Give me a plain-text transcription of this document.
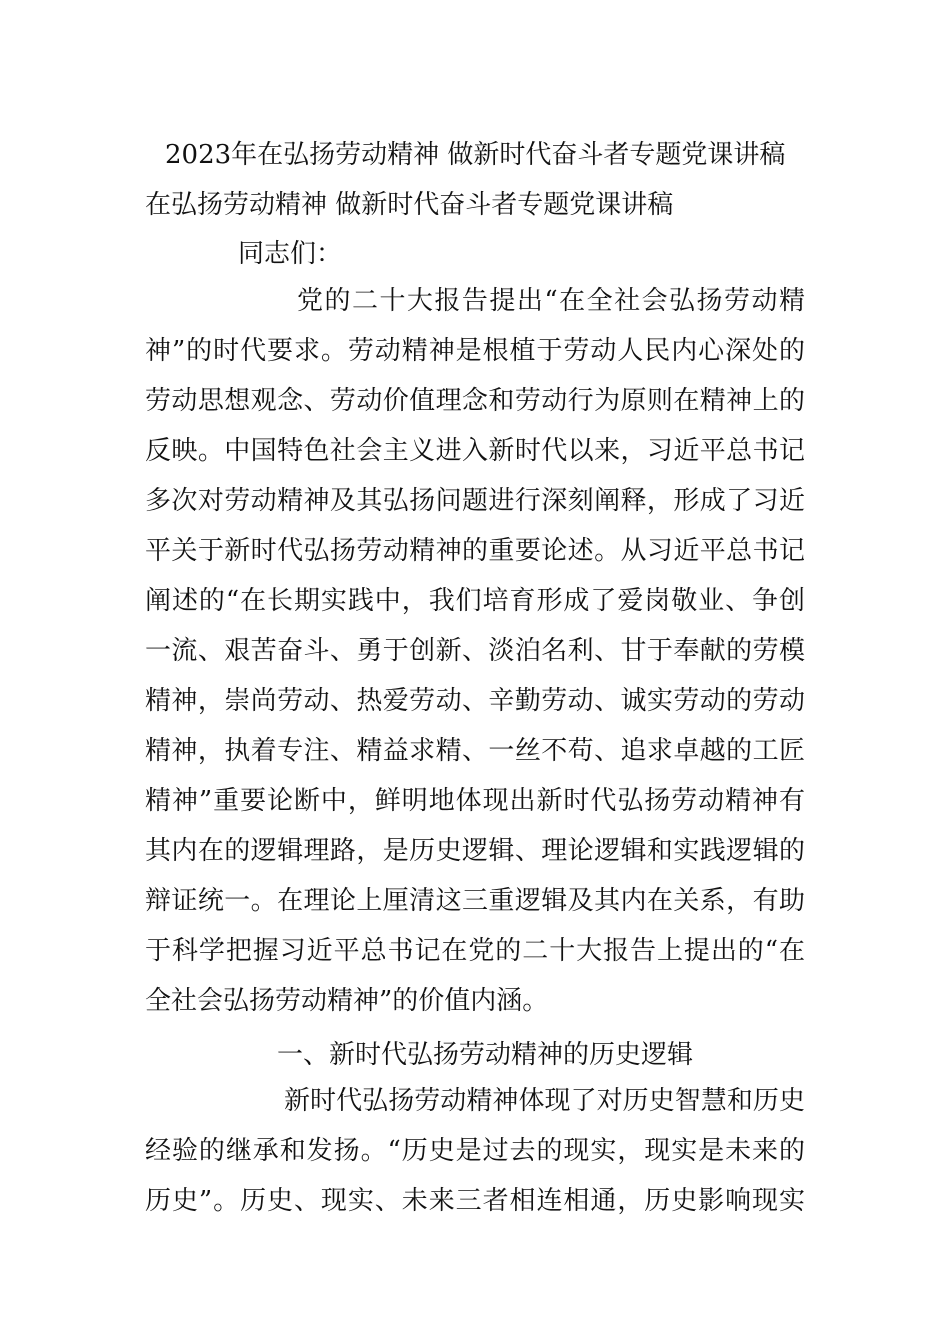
2023年在弘扬劳动精神 做新时代奋斗者专题党课讲稿
在弘扬劳动精神 做新时代奋斗者专题党课讲稿
同志们：
党的二十大报告提出“在全社会弘扬劳动精
神”的时代要求。劳动精神是根植于劳动人民内心深处的
劳动思想观念、劳动价值理念和劳动行为原则在精神上的
反映。中国特色社会主义进入新时代以来，习近平总书记
多次对劳动精神及其弘扬问题进行深刻阐释，形成了习近
平关于新时代弘扬劳动精神的重要论述。从习近平总书记
阐述的“在长期实践中，我们培育形成了爱岗敬业、争创
一流、艰苦奋斗、勇于创新、淡泊名利、甘于奉献的劳模
精神，崇尚劳动、热爱劳动、辛勤劳动、诚实劳动的劳动
精神，执着专注、精益求精、一丝不苟、追求卓越的工匠
精神”重要论断中，鲜明地体现出新时代弘扬劳动精神有
其内在的逻辑理路，是历史逻辑、理论逻辑和实践逻辑的
辩证统一。在理论上厘清这三重逻辑及其内在关系，有助
于科学把握习近平总书记在党的二十大报告上提出的“在
全社会弘扬劳动精神”的价值内涵。
一、新时代弘扬劳动精神的历史逻辑
新时代弘扬劳动精神体现了对历史智慧和历史
经验的继承和发扬。“历史是过去的现实，现实是未来的
历史”。历史、现实、未来三者相连相通，历史影响现实
